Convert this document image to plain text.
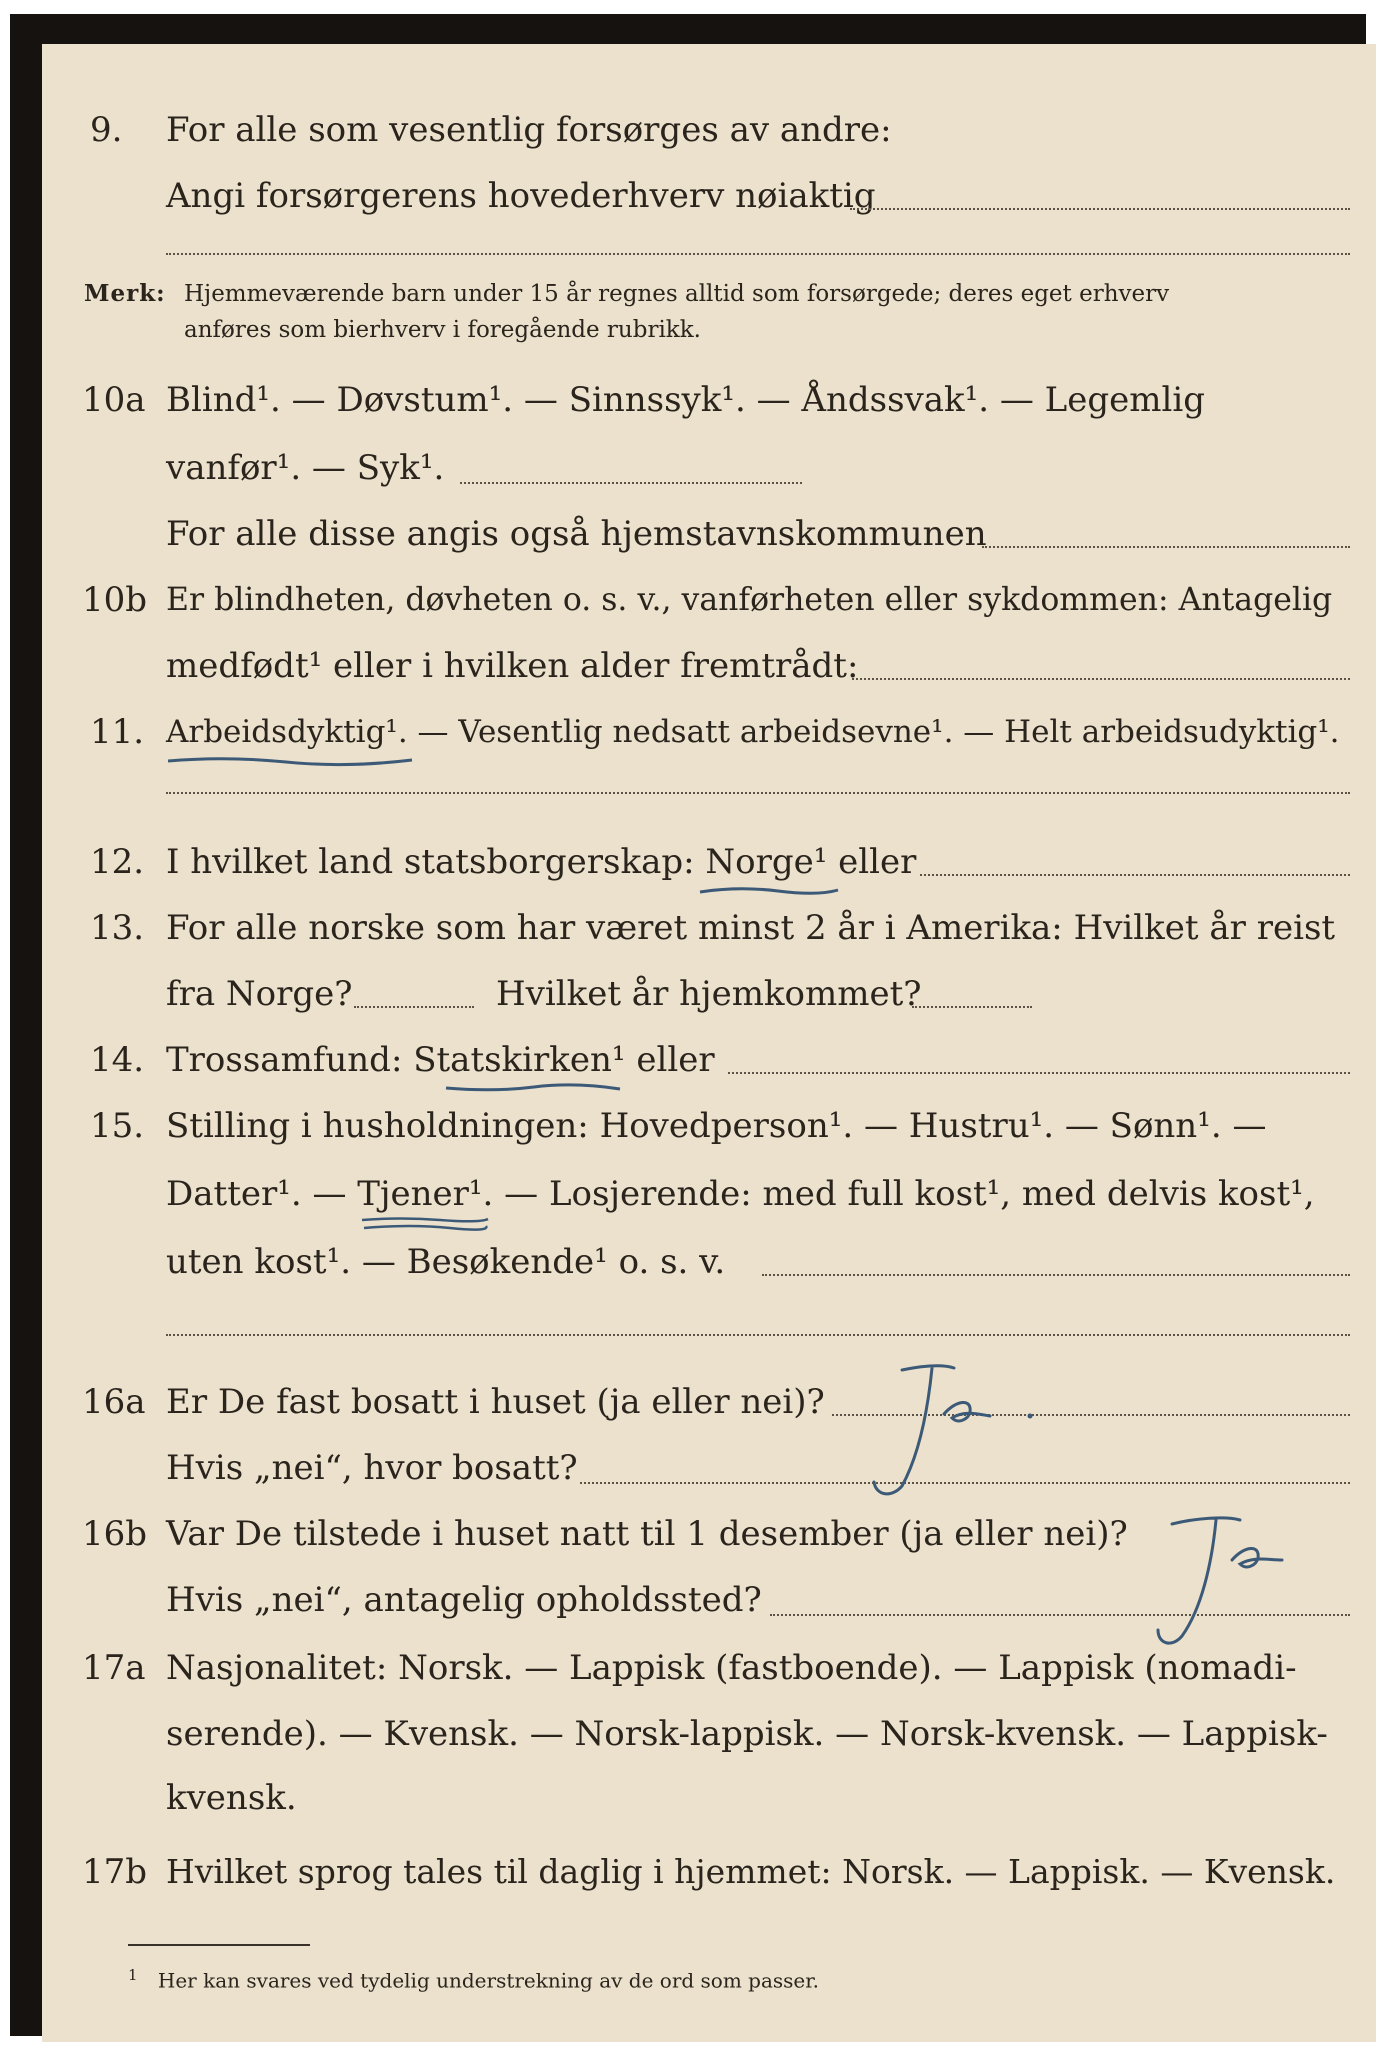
9. For alle som vesentlig forsørges av andre:
Angi forsørgerens hovederhverv nøiaktig
Merk: Hjemmeværende barn under 15 år regnes alltid som forsørgede; deres eget erhverv
anføres som bierhverv i foregående rubrikk.
10a Blind¹. — Døvstum¹. — Sinnssyk¹. — Åndssvak¹. — Legemlig
vanfør¹. — Syk¹.
For alle disse angis også hjemstavnskommunen
10b Er blindheten, døvheten o. s. v., vanførheten eller sykdommen: Antagelig
medfødt¹ eller i hvilken alder fremtrådt:
11. Arbeidsdyktig¹. — Vesentlig nedsatt arbeidsevne¹. — Helt arbeidsudyktig¹.
12. I hvilket land statsborgerskap: Norge¹ eller
13. For alle norske som har været minst 2 år i Amerika: Hvilket år reist
fra Norge?	Hvilket år hjemkommet?
14. Trossamfund: Statskirken¹ eller
15. Stilling i husholdningen: Hovedperson¹. — Hustru¹. — Sønn¹. —
Datter¹. — Tjener¹. — Losjerende: med full kost¹, med delvis kost¹,
uten kost¹. — Besøkende¹ o. s. v.
16a Er De fast bosatt i huset (ja eller nei)?
Hvis „nei“, hvor bosatt?
16b Var De tilstede i huset natt til 1 desember (ja eller nei)?
Hvis „nei“, antagelig opholdssted?
17a Nasjonalitet: Norsk. — Lappisk (fastboende). — Lappisk (nomadi-
serende). — Kvensk. — Norsk-lappisk. — Norsk-kvensk. — Lappisk-
kvensk.
17b Hvilket sprog tales til daglig i hjemmet: Norsk. — Lappisk. — Kvensk.
$^1$ Her kan svares ved tydelig understrekning av de ord som passer.
